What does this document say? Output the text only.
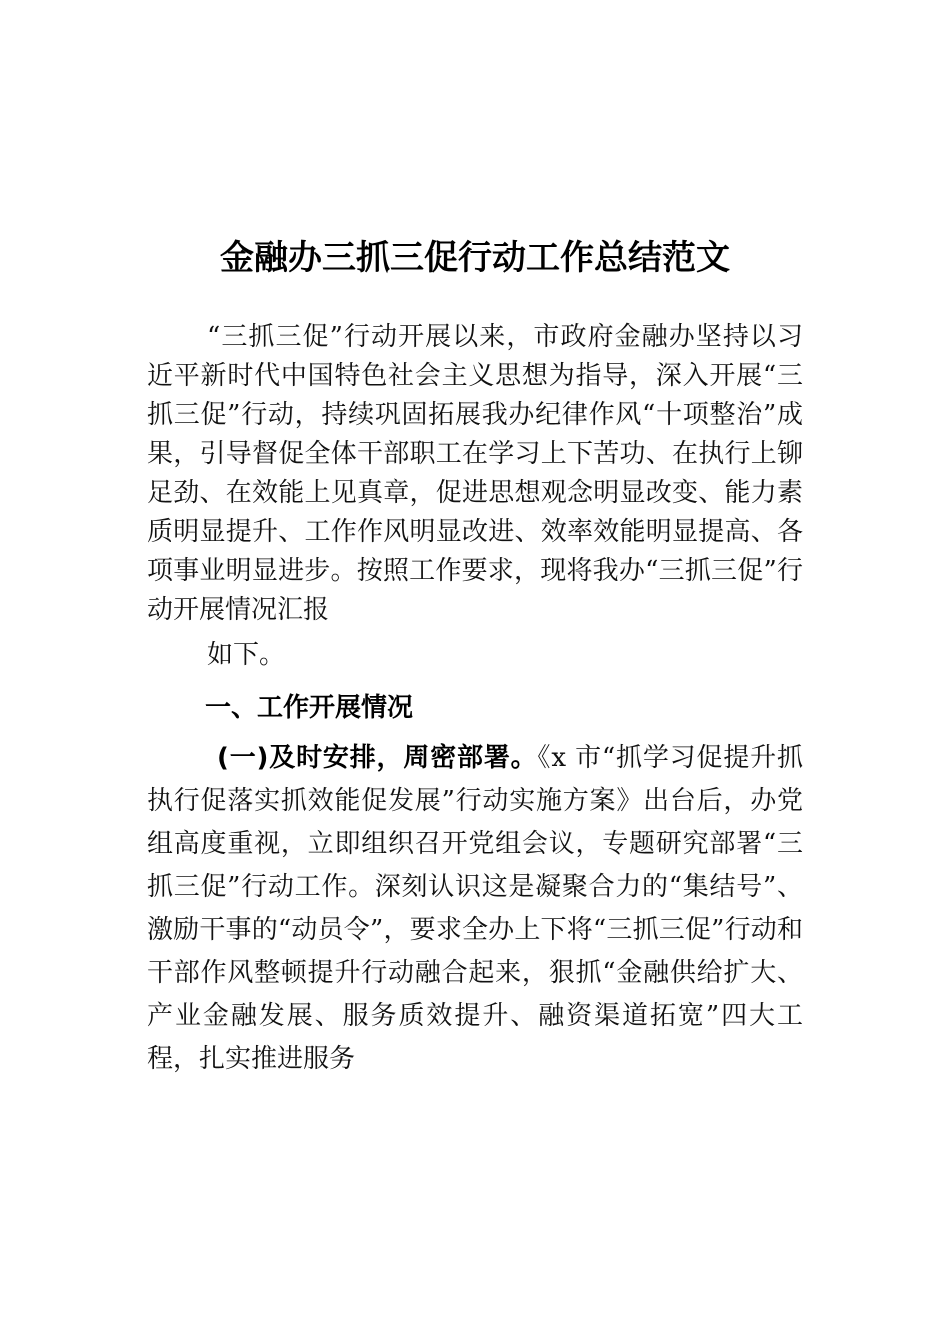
金融办三抓三促行动工作总结范文

“三抓三促”行动开展以来，市政府金融办坚持以习近平新时代中国特色社会主义思想为指导，深入开展“三抓三促”行动，持续巩固拓展我办纪律作风“十项整治”成果，引导督促全体干部职工在学习上下苦功、在执行上铆足劲、在效能上见真章，促进思想观念明显改变、能力素质明显提升、工作作风明显改进、效率效能明显提高、各项事业明显进步。按照工作要求，现将我办“三抓三促”行动开展情况汇报
如下。

一、工作开展情况

(一)及时安排，周密部署。《x 市“抓学习促提升抓执行促落实抓效能促发展”行动实施方案》出台后，办党组高度重视，立即组织召开党组会议，专题研究部署“三抓三促”行动工作。深刻认识这是凝聚合力的“集结号”、激励干事的“动员令”，要求全办上下将“三抓三促”行动和干部作风整顿提升行动融合起来，狠抓“金融供给扩大、产业金融发展、服务质效提升、融资渠道拓宽”四大工程，扎实推进服务
